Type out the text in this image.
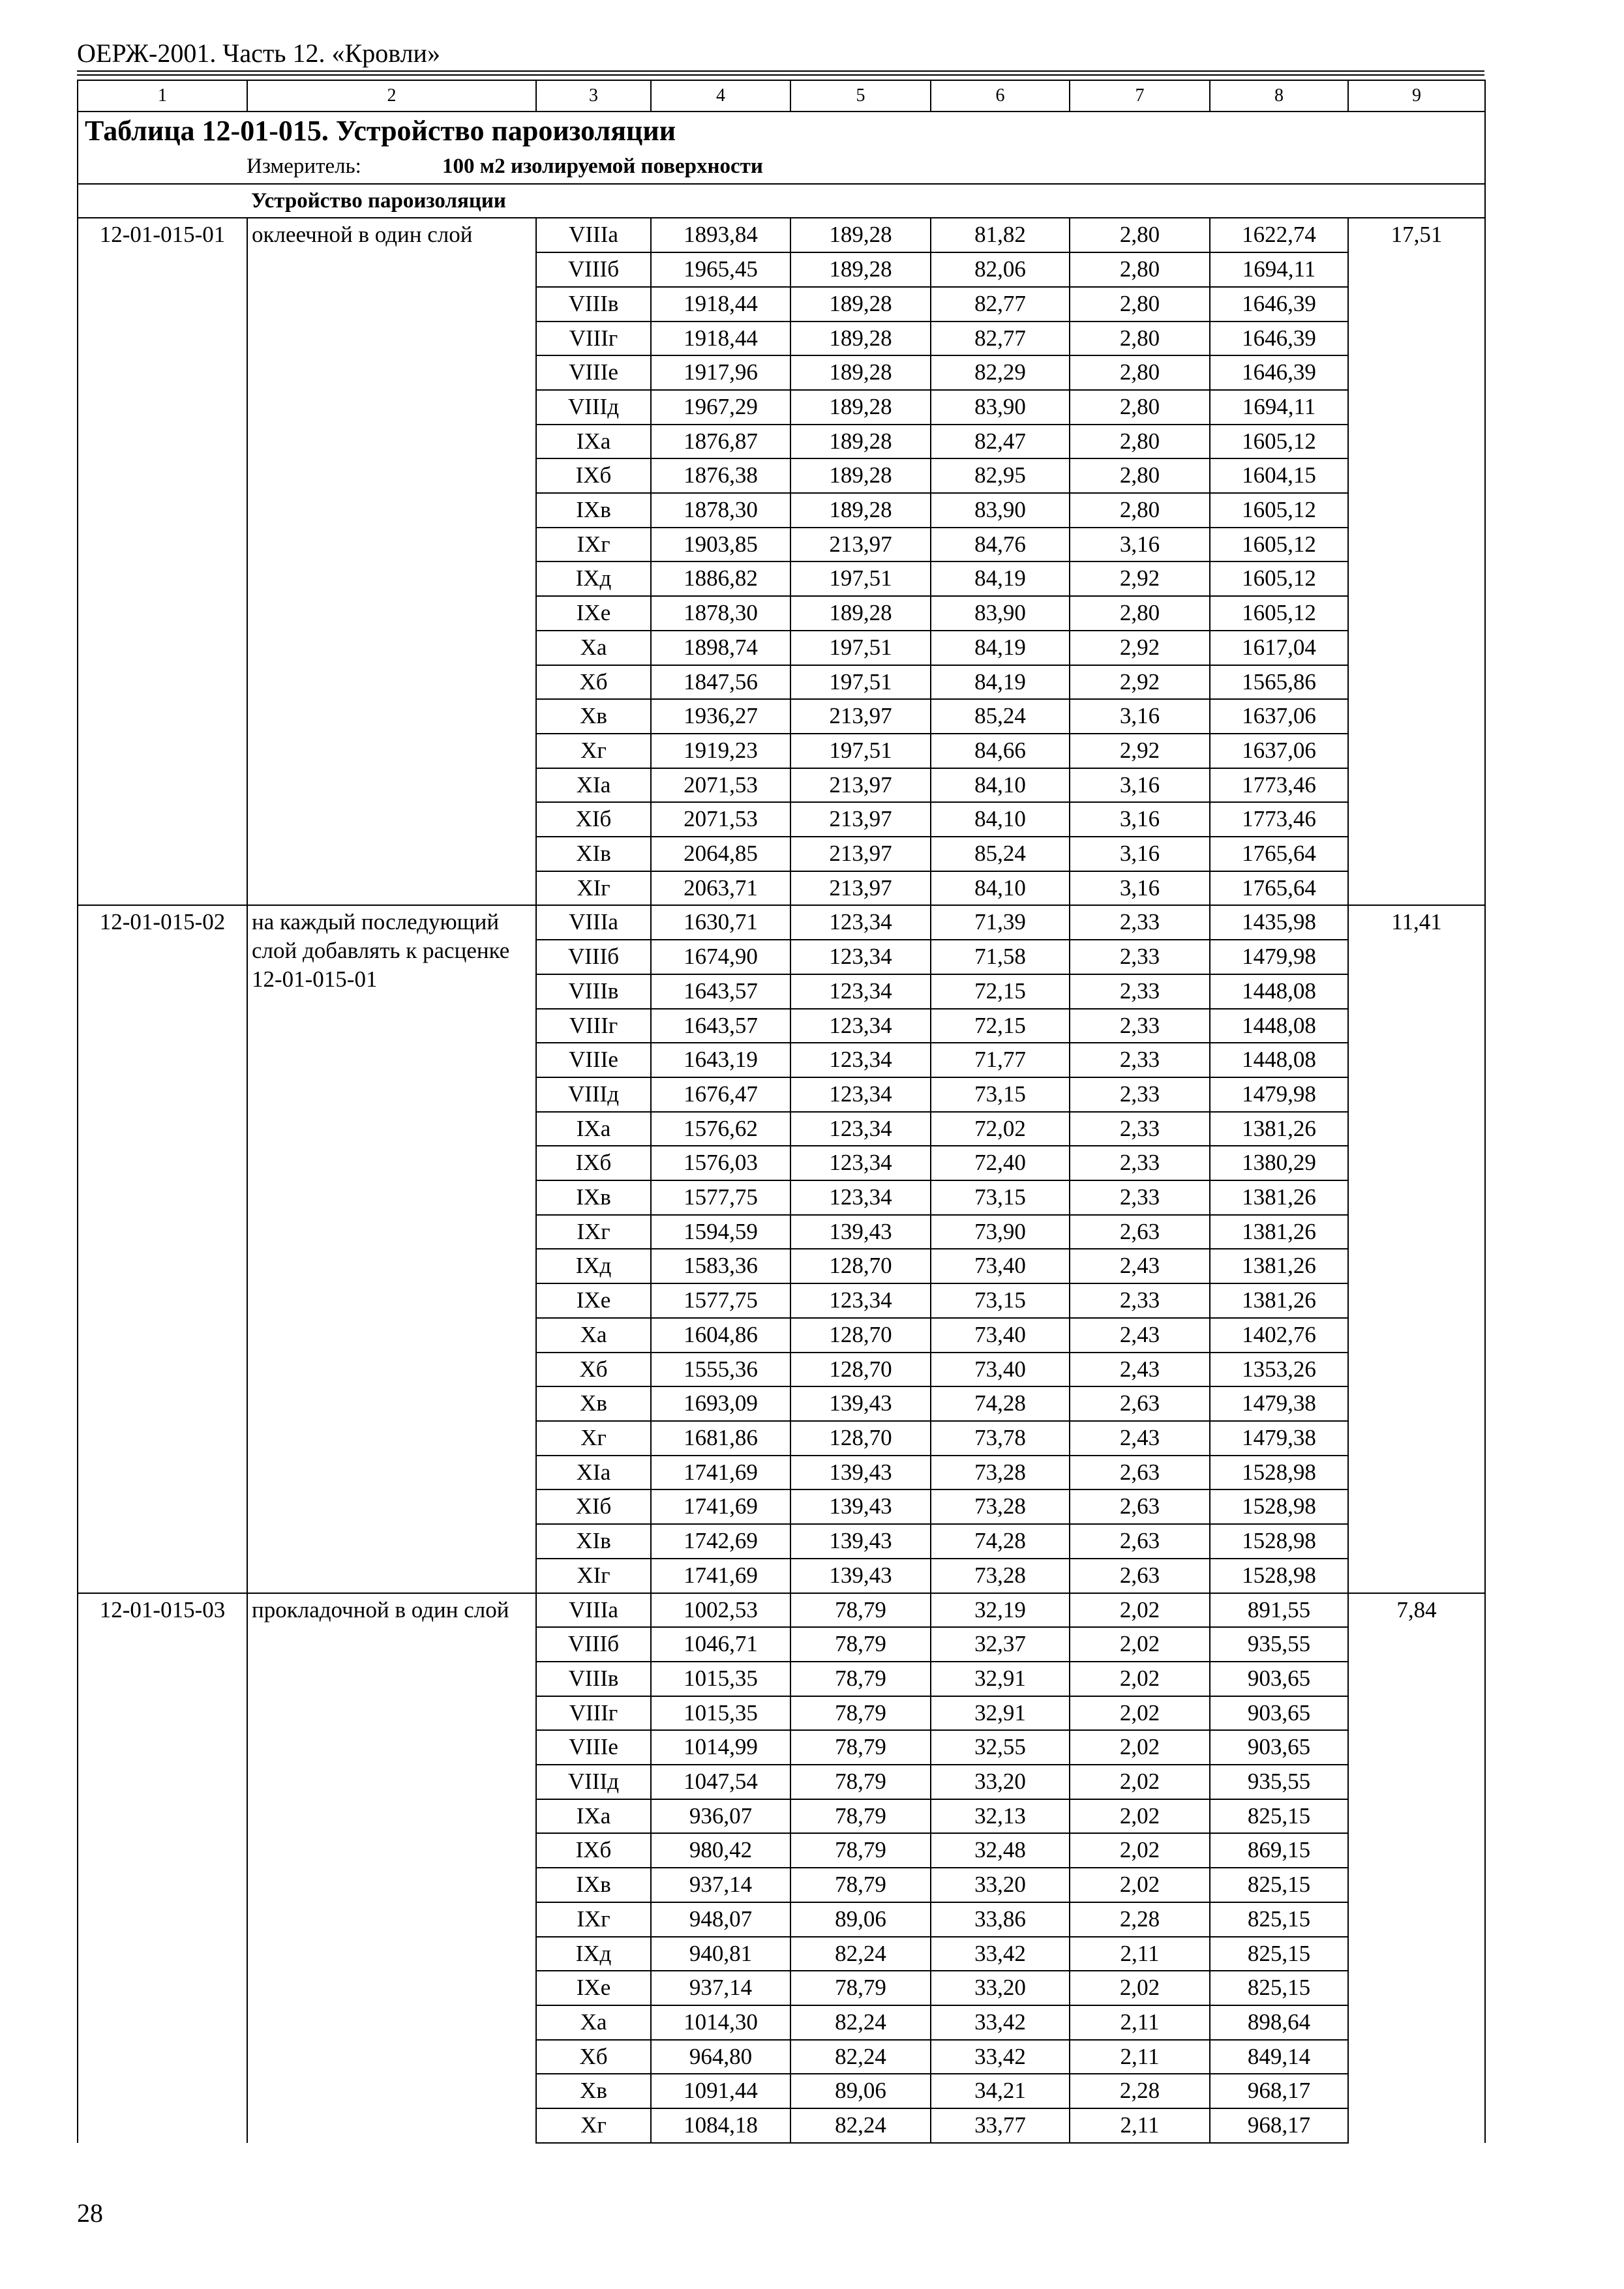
ОЕРЖ-2001. Часть 12. «Кровли»
1	2	3	4	5	6	7	8	9
Таблица 12-01-015. Устройство пароизоляции								

Измеритель: 100 м2 изолируемой поверхности								

	Устройство пароизоляции							
12-01-015-01	оклеечной в один слой	VIIIа	1893,84	189,28	81,82	2,80	1622,74	17,51
		VIIIб	1965,45	189,28	82,06	2,80	1694,11	
		VIIIв	1918,44	189,28	82,77	2,80	1646,39	
		VIIIг	1918,44	189,28	82,77	2,80	1646,39	
		VIIIе	1917,96	189,28	82,29	2,80	1646,39	
		VIIIд	1967,29	189,28	83,90	2,80	1694,11	
		IXа	1876,87	189,28	82,47	2,80	1605,12	
		IXб	1876,38	189,28	82,95	2,80	1604,15	
		IXв	1878,30	189,28	83,90	2,80	1605,12	
		IXг	1903,85	213,97	84,76	3,16	1605,12	
		IXд	1886,82	197,51	84,19	2,92	1605,12	
		IXе	1878,30	189,28	83,90	2,80	1605,12	
		Xа	1898,74	197,51	84,19	2,92	1617,04	
		Xб	1847,56	197,51	84,19	2,92	1565,86	
		Xв	1936,27	213,97	85,24	3,16	1637,06	
		Xг	1919,23	197,51	84,66	2,92	1637,06	
		XIа	2071,53	213,97	84,10	3,16	1773,46	
		XIб	2071,53	213,97	84,10	3,16	1773,46	
		XIв	2064,85	213,97	85,24	3,16	1765,64	
		XIг	2063,71	213,97	84,10	3,16	1765,64	
12-01-015-02	на каждый последующий слой добавлять к расценке 12-01-015-01	VIIIа	1630,71	123,34	71,39	2,33	1435,98	11,41
		VIIIб	1674,90	123,34	71,58	2,33	1479,98	
		VIIIв	1643,57	123,34	72,15	2,33	1448,08	
		VIIIг	1643,57	123,34	72,15	2,33	1448,08	
		VIIIе	1643,19	123,34	71,77	2,33	1448,08	
		VIIIд	1676,47	123,34	73,15	2,33	1479,98	
		IXа	1576,62	123,34	72,02	2,33	1381,26	
		IXб	1576,03	123,34	72,40	2,33	1380,29	
		IXв	1577,75	123,34	73,15	2,33	1381,26	
		IXг	1594,59	139,43	73,90	2,63	1381,26	
		IXд	1583,36	128,70	73,40	2,43	1381,26	
		IXе	1577,75	123,34	73,15	2,33	1381,26	
		Xа	1604,86	128,70	73,40	2,43	1402,76	
		Xб	1555,36	128,70	73,40	2,43	1353,26	
		Xв	1693,09	139,43	74,28	2,63	1479,38	
		Xг	1681,86	128,70	73,78	2,43	1479,38	
		XIа	1741,69	139,43	73,28	2,63	1528,98	
		XIб	1741,69	139,43	73,28	2,63	1528,98	
		XIв	1742,69	139,43	74,28	2,63	1528,98	
		XIг	1741,69	139,43	73,28	2,63	1528,98	
12-01-015-03	прокладочной в один слой	VIIIа	1002,53	78,79	32,19	2,02	891,55	7,84
		VIIIб	1046,71	78,79	32,37	2,02	935,55	
		VIIIв	1015,35	78,79	32,91	2,02	903,65	
		VIIIг	1015,35	78,79	32,91	2,02	903,65	
		VIIIе	1014,99	78,79	32,55	2,02	903,65	
		VIIIд	1047,54	78,79	33,20	2,02	935,55	
		IXа	936,07	78,79	32,13	2,02	825,15	
		IXб	980,42	78,79	32,48	2,02	869,15	
		IXв	937,14	78,79	33,20	2,02	825,15	
		IXг	948,07	89,06	33,86	2,28	825,15	
		IXд	940,81	82,24	33,42	2,11	825,15	
		IXе	937,14	78,79	33,20	2,02	825,15	
		Xа	1014,30	82,24	33,42	2,11	898,64	
		Xб	964,80	82,24	33,42	2,11	849,14	
		Xв	1091,44	89,06	34,21	2,28	968,17	
		Xг	1084,18	82,24	33,77	2,11	968,17	
28
